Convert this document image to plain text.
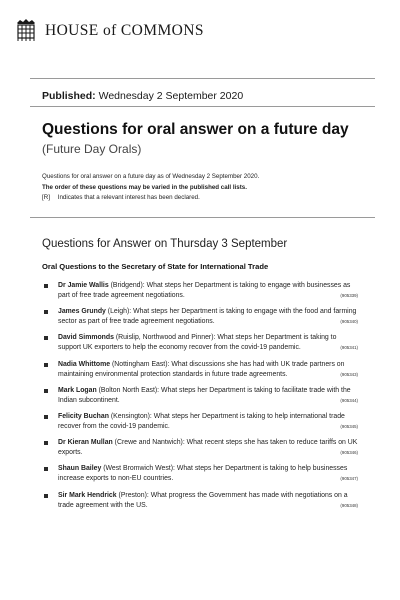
HOUSE of COMMONS
Published: Wednesday 2 September 2020
Questions for oral answer on a future day
(Future Day Orals)
Questions for oral answer on a future day as of Wednesday 2 September 2020.
The order of these questions may be varied in the published call lists.
[R] Indicates that a relevant interest has been declared.
Questions for Answer on Thursday 3 September
Oral Questions to the Secretary of State for International Trade
Dr Jamie Wallis (Bridgend): What steps her Department is taking to engage with businesses as part of free trade agreement negotiations.	(905339)
James Grundy (Leigh): What steps her Department is taking to engage with the food and farming sector as part of free trade agreement negotiations.	(905340)
David Simmonds (Ruislip, Northwood and Pinner): What steps her Department is taking to support UK exporters to help the economy recover from the covid-19 pandemic.	(905341)
Nadia Whittome (Nottingham East): What discussions she has had with UK trade partners on maintaining environmental protection standards in future trade agreements.	(905343)
Mark Logan (Bolton North East): What steps her Department is taking to facilitate trade with the Indian subcontinent.	(905344)
Felicity Buchan (Kensington): What steps her Department is taking to help international trade recover from the covid-19 pandemic.	(905345)
Dr Kieran Mullan (Crewe and Nantwich): What recent steps she has taken to reduce tariffs on UK exports.	(905346)
Shaun Bailey (West Bromwich West): What steps her Department is taking to help businesses increase exports to non-EU countries.	(905347)
Sir Mark Hendrick (Preston): What progress the Government has made with negotiations on a trade agreement with the US.	(905348)
